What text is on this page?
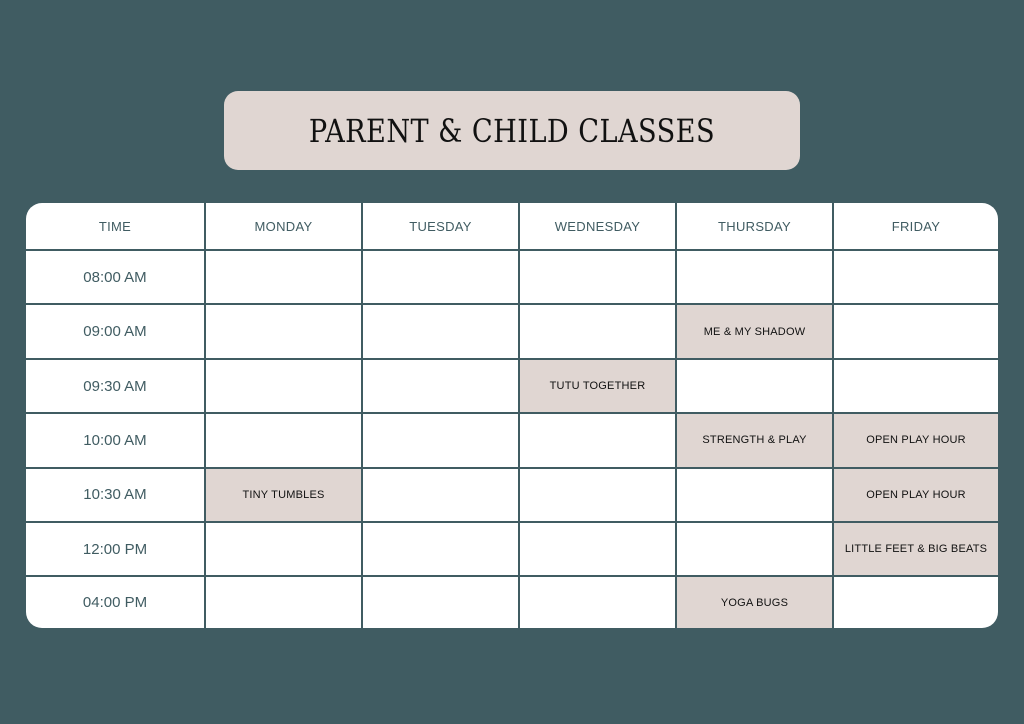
PARENT & CHILD CLASSES
TIME	MONDAY	TUESDAY	WEDNESDAY	THURSDAY	FRIDAY
08:00 AM					
09:00 AM				ME & MY SHADOW	
09:30 AM			TUTU TOGETHER		
10:00 AM				STRENGTH & PLAY	OPEN PLAY HOUR
10:30 AM	TINY TUMBLES				OPEN PLAY HOUR
12:00 PM					LITTLE FEET & BIG BEATS
04:00 PM				YOGA BUGS	
